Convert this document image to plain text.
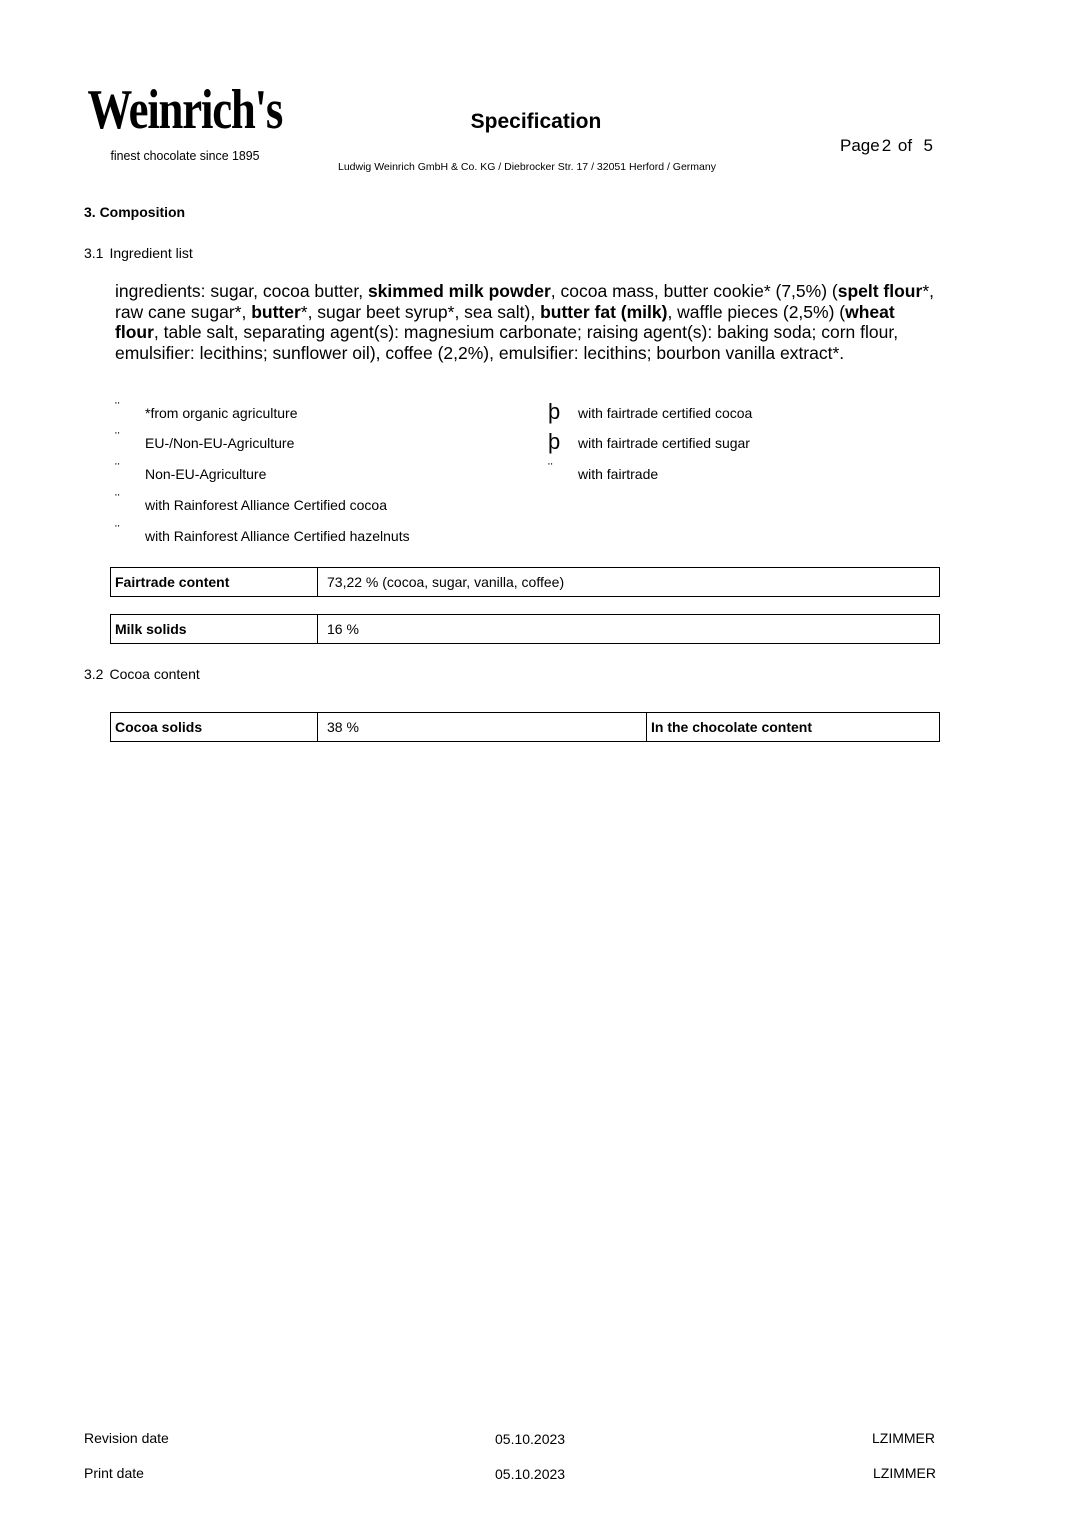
Weinrich's
finest chocolate since 1895
Specification
Page 2 of 5
Ludwig Weinrich GmbH & Co. KG / Diebrocker Str. 17 / 32051 Herford / Germany
3. Composition
3.1 Ingredient list
ingredients: sugar, cocoa butter, skimmed milk powder, cocoa mass, butter cookie* (7,5%) (spelt flour*, raw cane sugar*, butter*, sugar beet syrup*, sea salt), butter fat (milk), waffle pieces (2,5%) (wheat flour, table salt, separating agent(s): magnesium carbonate; raising agent(s): baking soda; corn flour, emulsifier: lecithins; sunflower oil), coffee (2,2%), emulsifier: lecithins; bourbon vanilla extract*.
¨ *from organic agriculture
¨ EU-/Non-EU-Agriculture
¨ Non-EU-Agriculture
¨ with Rainforest Alliance Certified cocoa
¨ with Rainforest Alliance Certified hazelnuts
þ with fairtrade certified cocoa
þ with fairtrade certified sugar
¨ with fairtrade
Fairtrade content	73,22 % (cocoa, sugar, vanilla, coffee)
Milk solids	16 %
3.2 Cocoa content
Cocoa solids	38 %	In the chocolate content
Revision date	05.10.2023	LZIMMER
Print date	05.10.2023	LZIMMER
